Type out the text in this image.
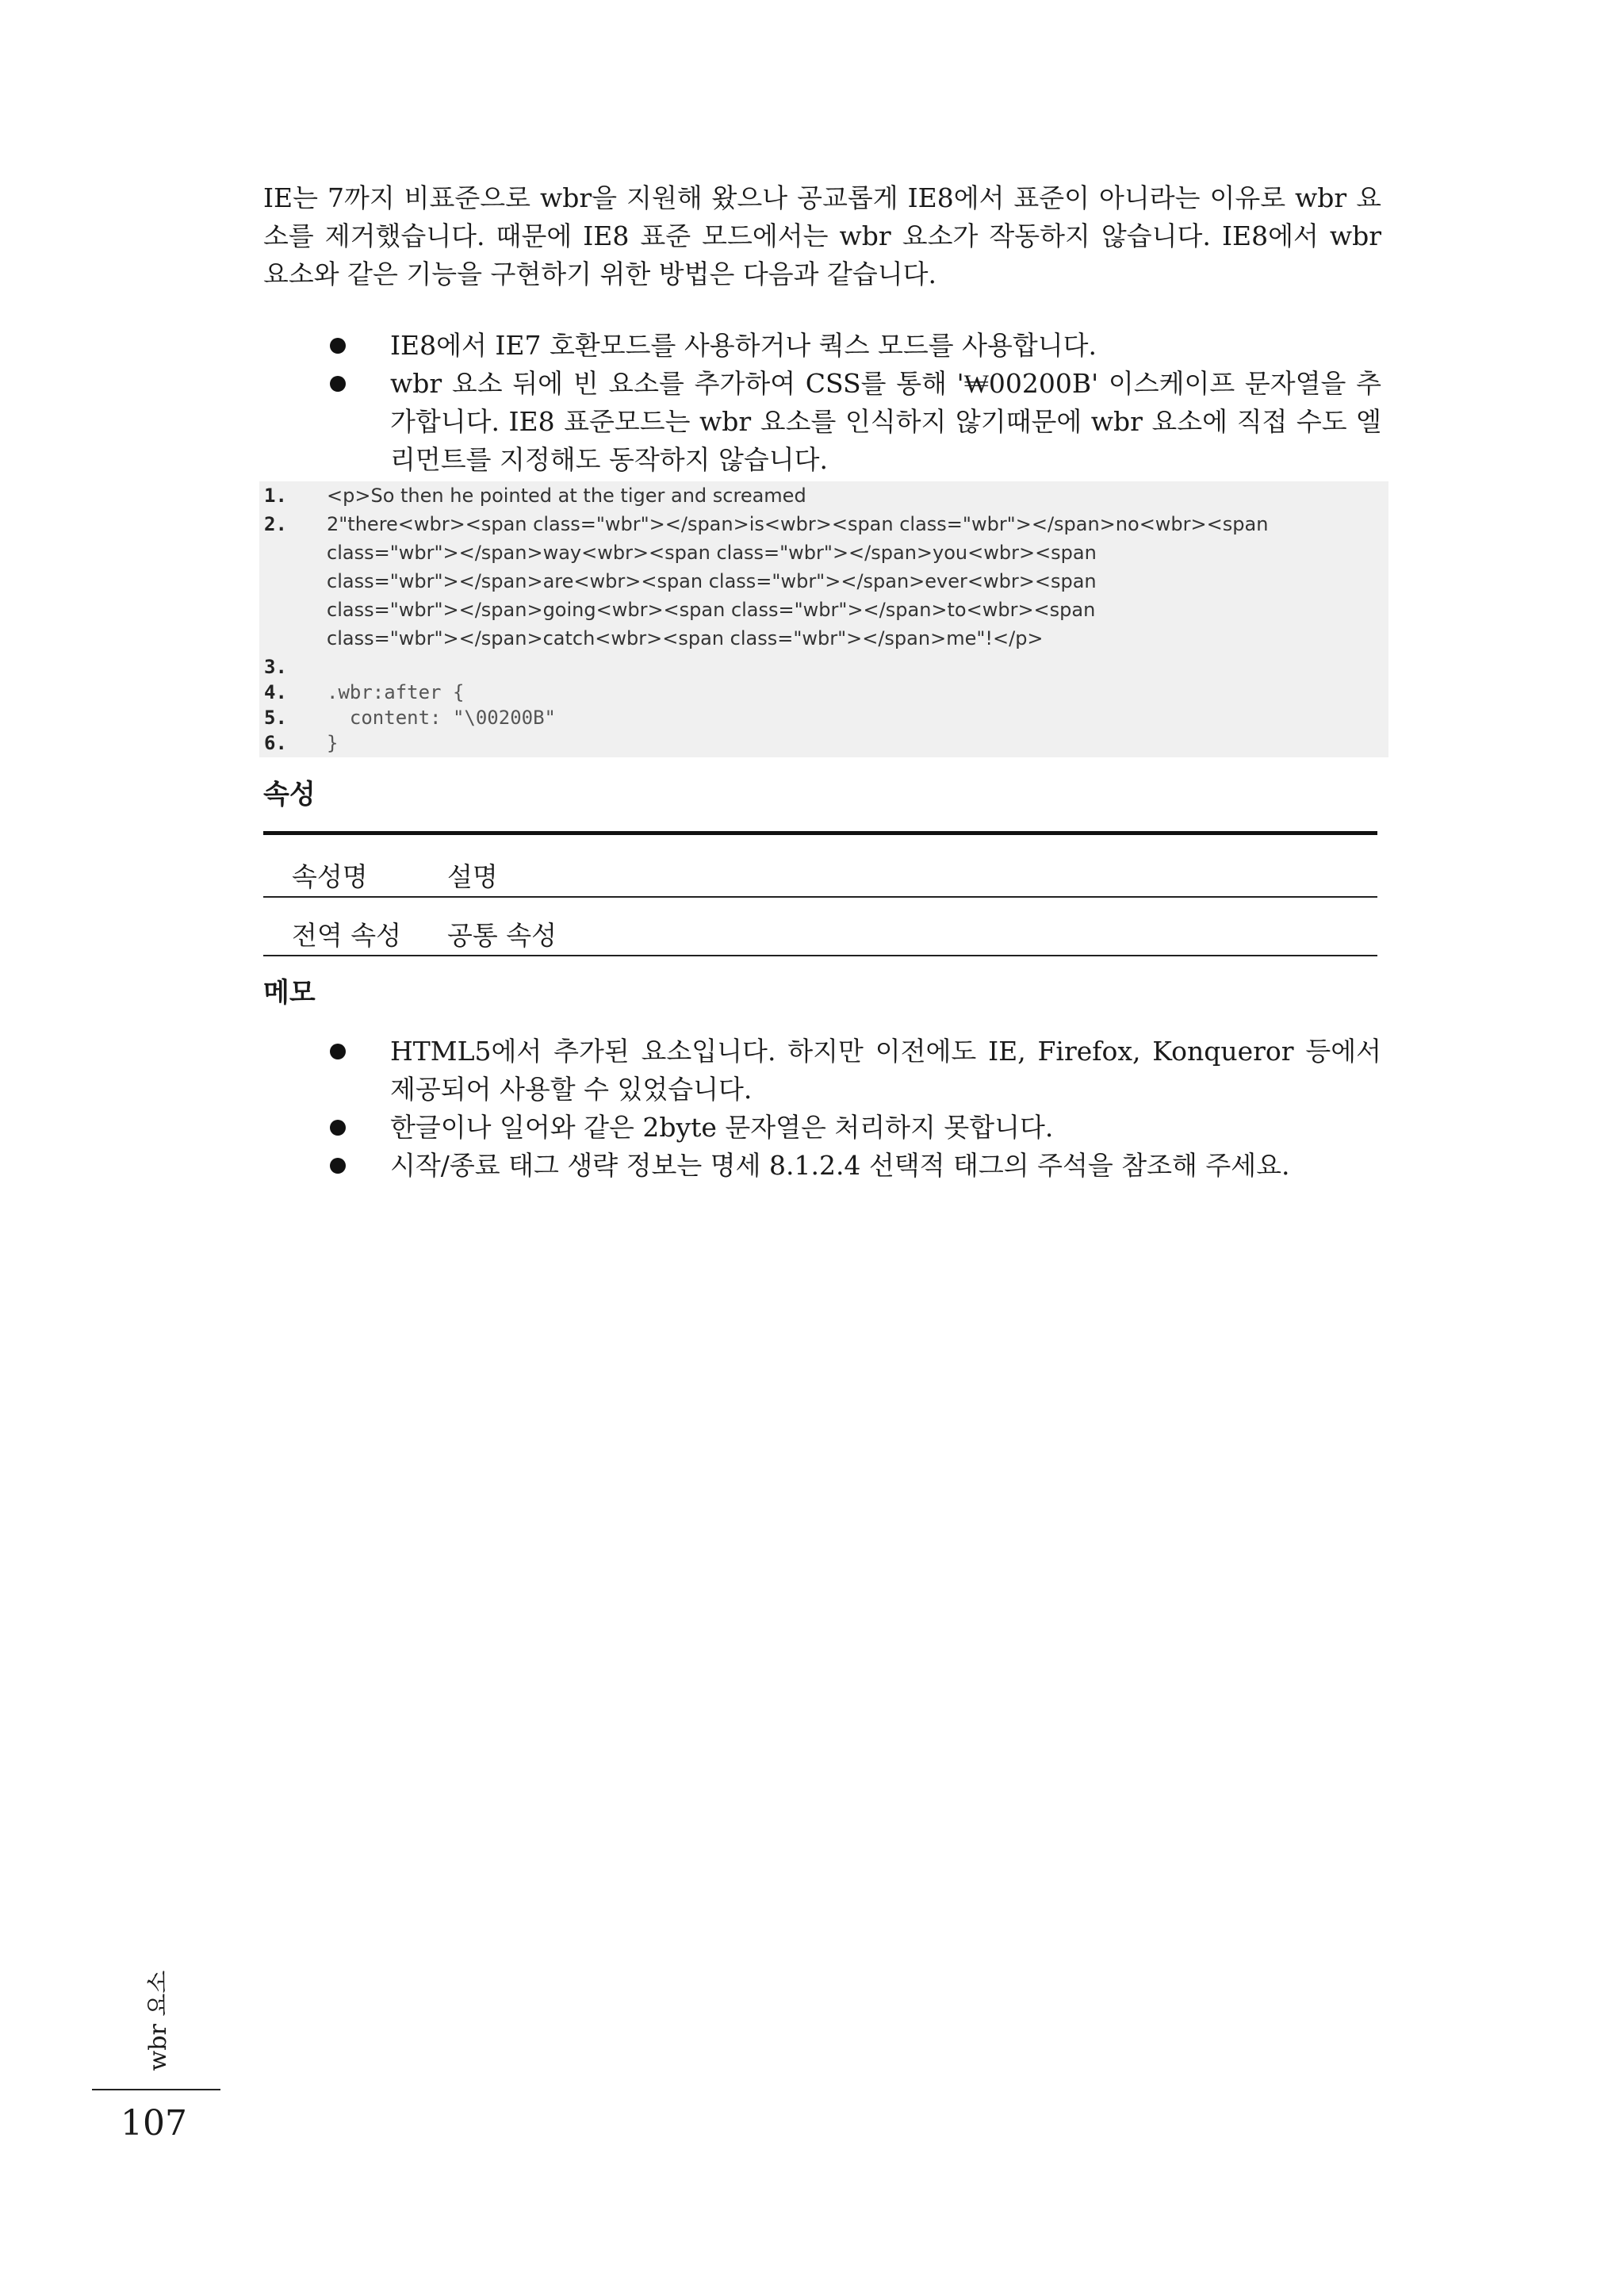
IE는 7까지 비표준으로 wbr을 지원해 왔으나 공교롭게 IE8에서 표준이 아니라는 이유로 wbr 요소를 제거했습니다. 때문에 IE8 표준 모드에서는 wbr 요소가 작동하지 않습니다. IE8에서 wbr 요소와 같은 기능을 구현하기 위한 방법은 다음과 같습니다.

IE8에서 IE7 호환모드를 사용하거나 쿽스 모드를 사용합니다.
wbr 요소 뒤에 빈 요소를 추가하여 CSS를 통해 '₩00200B' 이스케이프 문자열을 추가합니다. IE8 표준모드는 wbr 요소를 인식하지 않기때문에 wbr 요소에 직접 수도 엘리먼트를 지정해도 동작하지 않습니다.
1. <p>So then he pointed at the tiger and screamed
2. 2"there<wbr><span class="wbr"></span>is<wbr><span class="wbr"></span>no<wbr><span
class="wbr"></span>way<wbr><span class="wbr"></span>you<wbr><span
class="wbr"></span>are<wbr><span class="wbr"></span>ever<wbr><span
class="wbr"></span>going<wbr><span class="wbr"></span>to<wbr><span
class="wbr"></span>catch<wbr><span class="wbr"></span>me"!</p>
3.
4. .wbr:after {
5. content: "\00200B"
6. }
속성
속성명	설명
전역 속성 공통 속성
메모
HTML5에서 추가된 요소입니다. 하지만 이전에도 IE, Firefox, Konqueror 등에서 제공되어 사용할 수 있었습니다.
한글이나 일어와 같은 2byte 문자열은 처리하지 못합니다.
시작/종료 태그 생략 정보는 명세 8.1.2.4 선택적 태그의 주석을 참조해 주세요.
wbr 요소
107
